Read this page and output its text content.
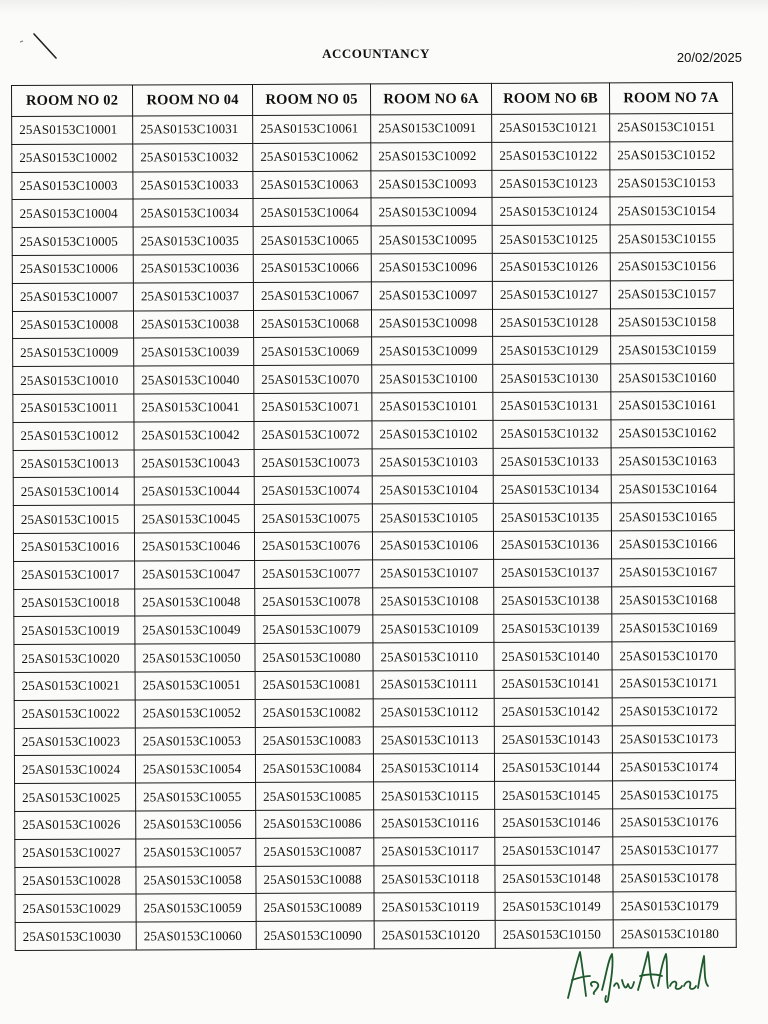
ACCOUNTANCY	20/02/2025
ROOM NO 02	ROOM NO 04	ROOM NO 05	ROOM NO 6A	ROOM NO 6B	ROOM NO 7A
25AS0153C10001	25AS0153C10031	25AS0153C10061	25AS0153C10091	25AS0153C10121	25AS0153C10151
25AS0153C10002	25AS0153C10032	25AS0153C10062	25AS0153C10092	25AS0153C10122	25AS0153C10152
25AS0153C10003	25AS0153C10033	25AS0153C10063	25AS0153C10093	25AS0153C10123	25AS0153C10153
25AS0153C10004	25AS0153C10034	25AS0153C10064	25AS0153C10094	25AS0153C10124	25AS0153C10154
25AS0153C10005	25AS0153C10035	25AS0153C10065	25AS0153C10095	25AS0153C10125	25AS0153C10155
25AS0153C10006	25AS0153C10036	25AS0153C10066	25AS0153C10096	25AS0153C10126	25AS0153C10156
25AS0153C10007	25AS0153C10037	25AS0153C10067	25AS0153C10097	25AS0153C10127	25AS0153C10157
25AS0153C10008	25AS0153C10038	25AS0153C10068	25AS0153C10098	25AS0153C10128	25AS0153C10158
25AS0153C10009	25AS0153C10039	25AS0153C10069	25AS0153C10099	25AS0153C10129	25AS0153C10159
25AS0153C10010	25AS0153C10040	25AS0153C10070	25AS0153C10100	25AS0153C10130	25AS0153C10160
25AS0153C10011	25AS0153C10041	25AS0153C10071	25AS0153C10101	25AS0153C10131	25AS0153C10161
25AS0153C10012	25AS0153C10042	25AS0153C10072	25AS0153C10102	25AS0153C10132	25AS0153C10162
25AS0153C10013	25AS0153C10043	25AS0153C10073	25AS0153C10103	25AS0153C10133	25AS0153C10163
25AS0153C10014	25AS0153C10044	25AS0153C10074	25AS0153C10104	25AS0153C10134	25AS0153C10164
25AS0153C10015	25AS0153C10045	25AS0153C10075	25AS0153C10105	25AS0153C10135	25AS0153C10165
25AS0153C10016	25AS0153C10046	25AS0153C10076	25AS0153C10106	25AS0153C10136	25AS0153C10166
25AS0153C10017	25AS0153C10047	25AS0153C10077	25AS0153C10107	25AS0153C10137	25AS0153C10167
25AS0153C10018	25AS0153C10048	25AS0153C10078	25AS0153C10108	25AS0153C10138	25AS0153C10168
25AS0153C10019	25AS0153C10049	25AS0153C10079	25AS0153C10109	25AS0153C10139	25AS0153C10169
25AS0153C10020	25AS0153C10050	25AS0153C10080	25AS0153C10110	25AS0153C10140	25AS0153C10170
25AS0153C10021	25AS0153C10051	25AS0153C10081	25AS0153C10111	25AS0153C10141	25AS0153C10171
25AS0153C10022	25AS0153C10052	25AS0153C10082	25AS0153C10112	25AS0153C10142	25AS0153C10172
25AS0153C10023	25AS0153C10053	25AS0153C10083	25AS0153C10113	25AS0153C10143	25AS0153C10173
25AS0153C10024	25AS0153C10054	25AS0153C10084	25AS0153C10114	25AS0153C10144	25AS0153C10174
25AS0153C10025	25AS0153C10055	25AS0153C10085	25AS0153C10115	25AS0153C10145	25AS0153C10175
25AS0153C10026	25AS0153C10056	25AS0153C10086	25AS0153C10116	25AS0153C10146	25AS0153C10176
25AS0153C10027	25AS0153C10057	25AS0153C10087	25AS0153C10117	25AS0153C10147	25AS0153C10177
25AS0153C10028	25AS0153C10058	25AS0153C10088	25AS0153C10118	25AS0153C10148	25AS0153C10178
25AS0153C10029	25AS0153C10059	25AS0153C10089	25AS0153C10119	25AS0153C10149	25AS0153C10179
25AS0153C10030	25AS0153C10060	25AS0153C10090	25AS0153C10120	25AS0153C10150	25AS0153C10180
